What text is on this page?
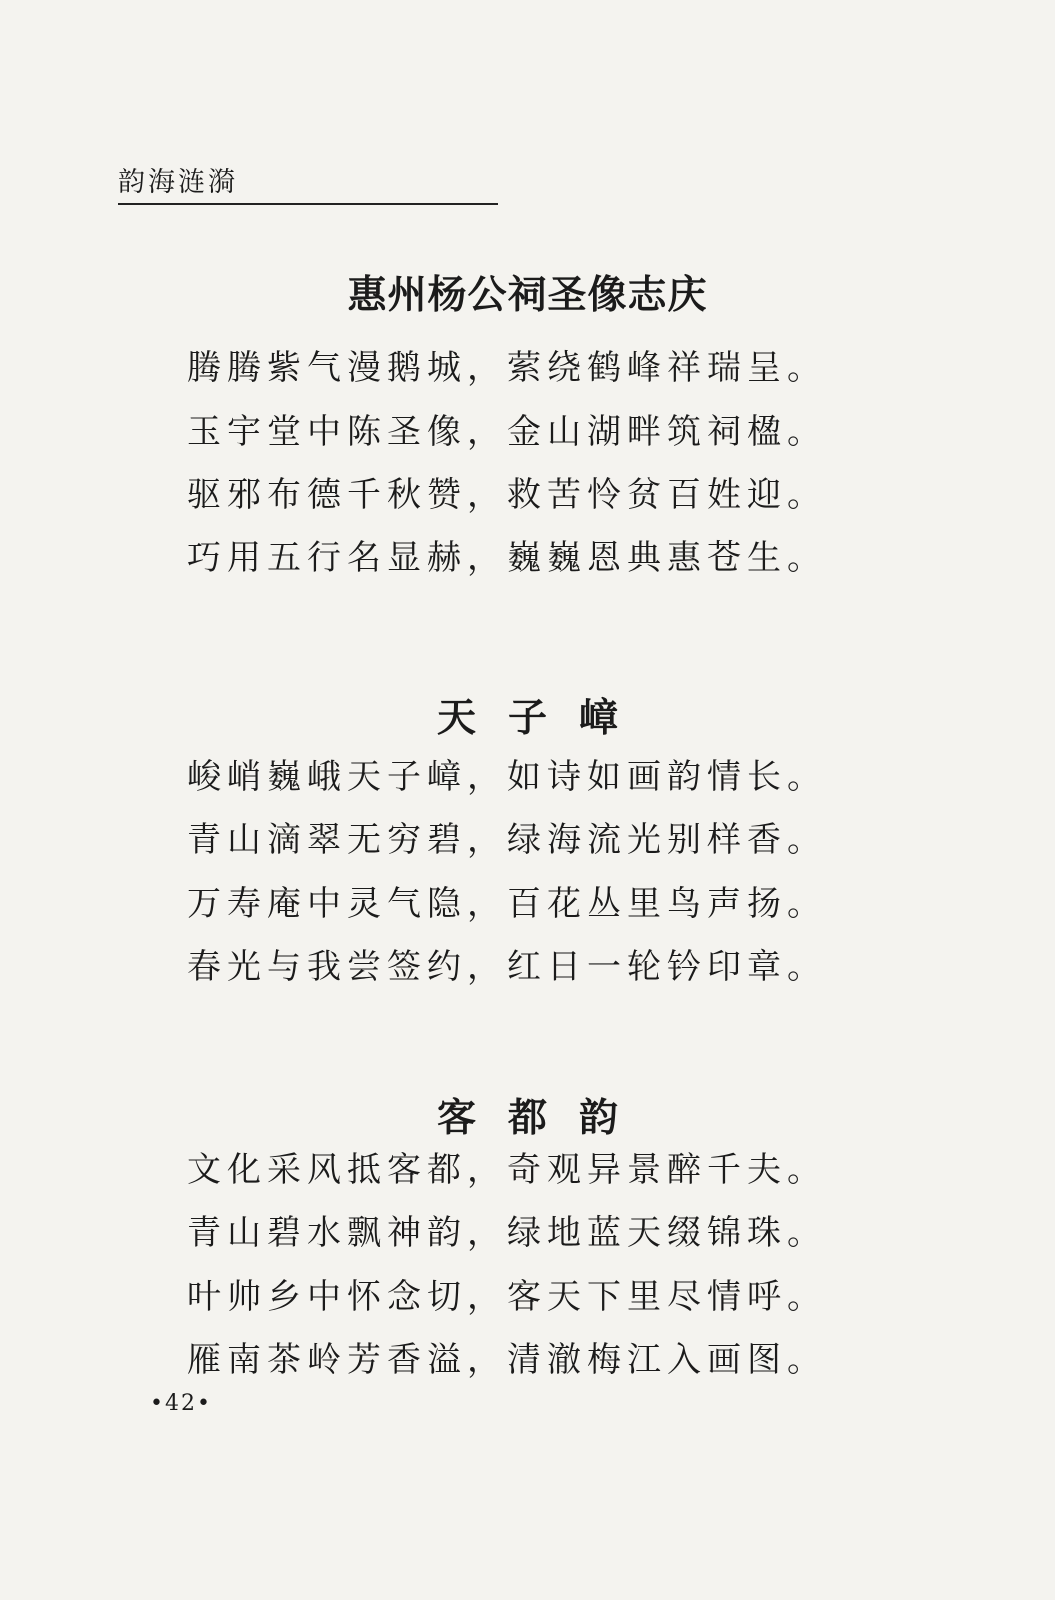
韵海涟漪
惠州杨公祠圣像志庆
腾腾紫气漫鹅城，萦绕鹤峰祥瑞呈。
玉宇堂中陈圣像，金山湖畔筑祠楹。
驱邪布德千秋赞，救苦怜贫百姓迎。
巧用五行名显赫，巍巍恩典惠苍生。
天子嶂
峻峭巍峨天子嶂，如诗如画韵情长。
青山滴翠无穷碧，绿海流光别样香。
万寿庵中灵气隐，百花丛里鸟声扬。
春光与我尝签约，红日一轮钤印章。
客都韵
文化采风抵客都，奇观异景醉千夫。
青山碧水飘神韵，绿地蓝天缀锦珠。
叶帅乡中怀念切，客天下里尽情呼。
雁南茶岭芳香溢，清澈梅江入画图。
•42•
